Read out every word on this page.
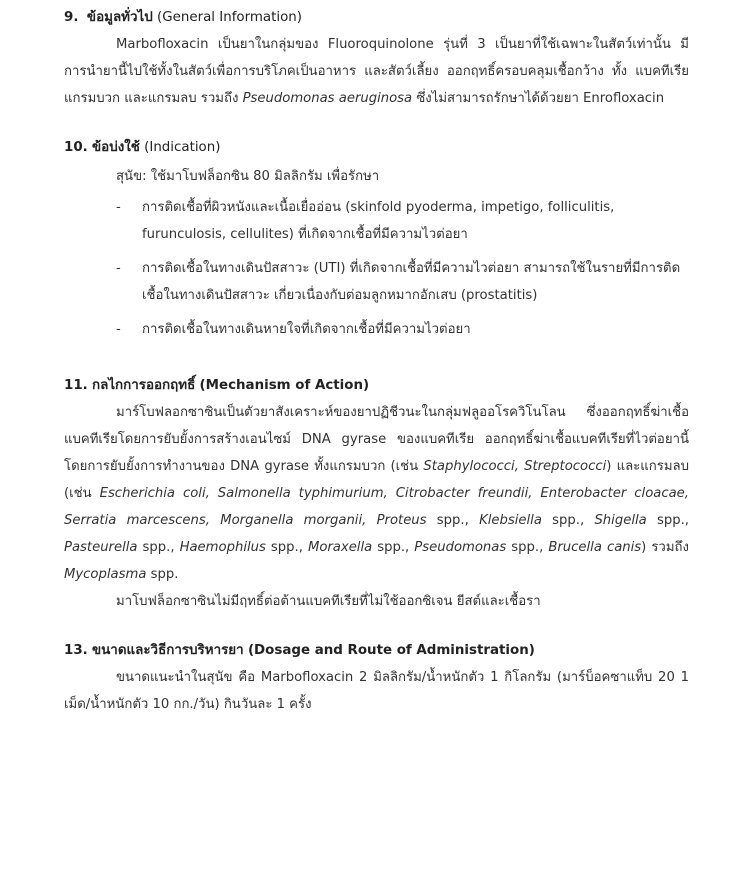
9. ข้อมูลทั่วไป (General Information)

Marbofloxacin เป็นยาในกลุ่มของ Fluoroquinolone รุ่นที่ 3 เป็นยาที่ใช้เฉพาะในสัตว์เท่านั้น มีการนำยานี้ไปใช้ทั้งในสัตว์เพื่อการบริโภคเป็นอาหาร และสัตว์เลี้ยง ออกฤทธิ์ครอบคลุมเชื้อกว้าง ทั้ง แบคทีเรีย แกรมบวก และแกรมลบ รวมถึง Pseudomonas aeruginosa ซึ่งไม่สามารถรักษาได้ด้วยยา Enrofloxacin

10. ข้อบ่งใช้ (Indication)

สุนัข: ใช้มาโบฟล็อกซิน 80 มิลลิกรัม เพื่อรักษา

- การติดเชื้อที่ผิวหนังและเนื้อเยื่ออ่อน (skinfold pyoderma, impetigo, folliculitis, furunculosis, cellulites) ที่เกิดจากเชื้อที่มีความไวต่อยา
- การติดเชื้อในทางเดินปัสสาวะ (UTI) ที่เกิดจากเชื้อที่มีความไวต่อยา สามารถใช้ในรายที่มีการติดเชื้อในทางเดินปัสสาวะ เกี่ยวเนื่องกับต่อมลูกหมากอักเสบ (prostatitis)
- การติดเชื้อในทางเดินหายใจที่เกิดจากเชื้อที่มีความไวต่อยา
11. กลไกการออกฤทธิ์ (Mechanism of Action)

มาร์โบฟลอกซาซินเป็นตัวยาสังเคราะห์ของยาปฏิชีวนะในกลุ่มฟลูออโรควิโนโลน ซึ่งออกฤทธิ์ฆ่าเชื้อแบคทีเรียโดยการยับยั้งการสร้างเอนไซม์ DNA gyrase ของแบคทีเรีย ออกฤทธิ์ฆ่าเชื้อแบคทีเรียที่ไวต่อยานี้ โดยการยับยั้งการทำงานของ DNA gyrase ทั้งแกรมบวก (เช่น Staphylococci, Streptococci) และแกรมลบ (เช่น Escherichia coli, Salmonella typhimurium, Citrobacter freundii, Enterobacter cloacae, Serratia marcescens, Morganella morganii, Proteus spp., Klebsiella spp., Shigella spp., Pasteurella spp., Haemophilus spp., Moraxella spp., Pseudomonas spp., Brucella canis) รวมถึง Mycoplasma spp.

มาโบฟล็อกซาซินไม่มีฤทธิ์ต่อต้านแบคทีเรียที่ไม่ใช้ออกซิเจน ยีสต์และเชื้อรา

13. ขนาดและวิธีการบริหารยา (Dosage and Route of Administration)

ขนาดแนะนำในสุนัข คือ Marbofloxacin 2 มิลลิกรัม/น้ำหนักตัว 1 กิโลกรัม (มาร์บ็อคซาแท็บ 20 1 เม็ด/น้ำหนักตัว 10 กก./วัน) กินวันละ 1 ครั้ง
